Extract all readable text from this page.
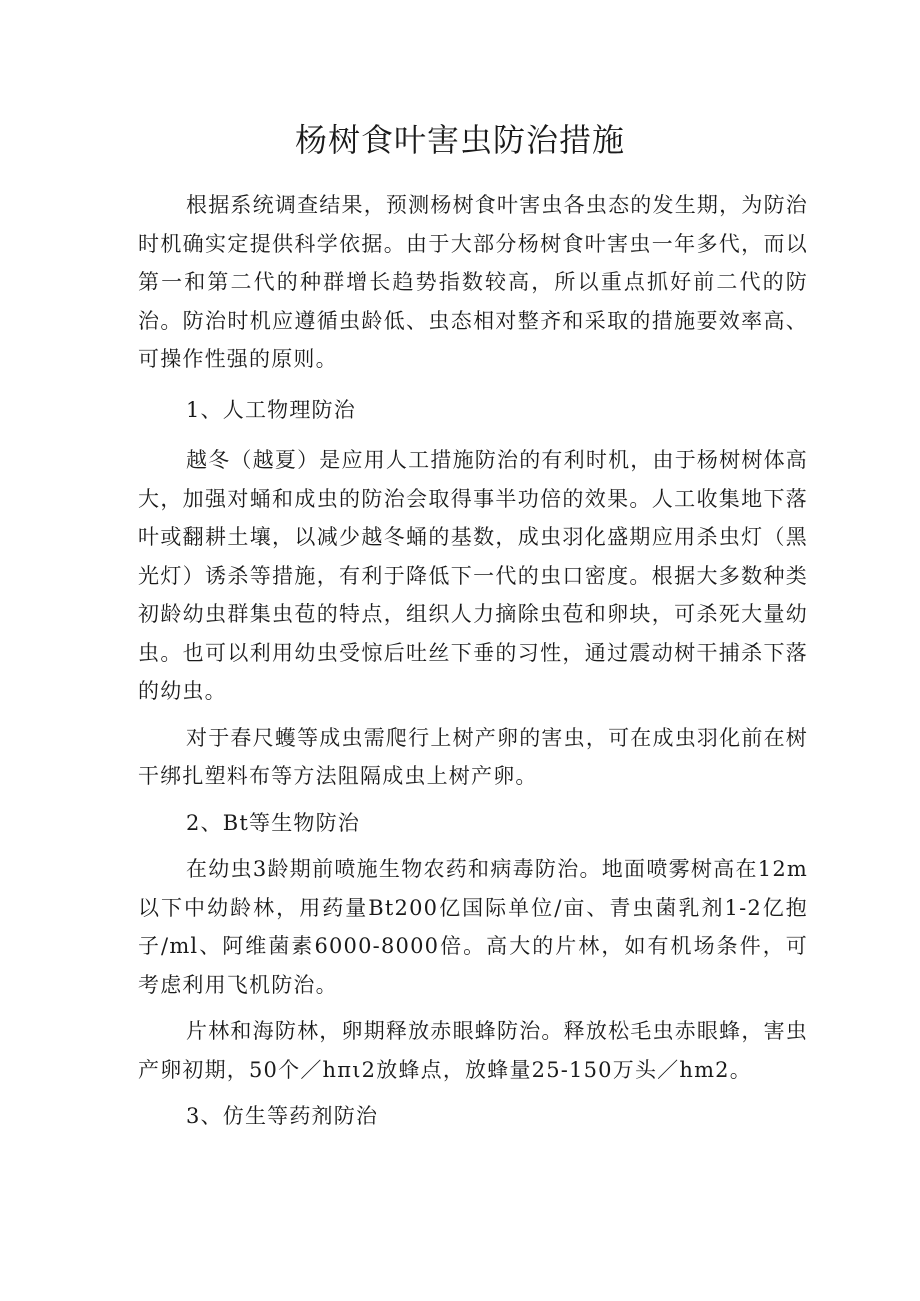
杨树食叶害虫防治措施

根据系统调查结果，预测杨树食叶害虫各虫态的发生期，为防治时机确实定提供科学依据。由于大部分杨树食叶害虫一年多代，而以第一和第二代的种群增长趋势指数较高，所以重点抓好前二代的防治。防治时机应遵循虫龄低、虫态相对整齐和采取的措施要效率高、可操作性强的原则。

1、人工物理防治

越冬（越夏）是应用人工措施防治的有利时机，由于杨树树体高大，加强对蛹和成虫的防治会取得事半功倍的效果。人工收集地下落叶或翻耕土壤，以减少越冬蛹的基数，成虫羽化盛期应用杀虫灯（黑光灯）诱杀等措施，有利于降低下一代的虫口密度。根据大多数种类初龄幼虫群集虫苞的特点，组织人力摘除虫苞和卵块，可杀死大量幼虫。也可以利用幼虫受惊后吐丝下垂的习性，通过震动树干捕杀下落的幼虫。

对于春尺蠖等成虫需爬行上树产卵的害虫，可在成虫羽化前在树干绑扎塑料布等方法阻隔成虫上树产卵。

2、Bt等生物防治

在幼虫3龄期前喷施生物农药和病毒防治。地面喷雾树高在12m以下中幼龄林，用药量Bt200亿国际单位/亩、青虫菌乳剂1-2亿抱子/ml、阿维菌素6000-8000倍。高大的片林，如有机场条件，可考虑利用飞机防治。

片林和海防林，卵期释放赤眼蜂防治。释放松毛虫赤眼蜂，害虫产卵初期，50个／hπι2放蜂点，放蜂量25-150万头／hm2。

3、仿生等药剂防治
